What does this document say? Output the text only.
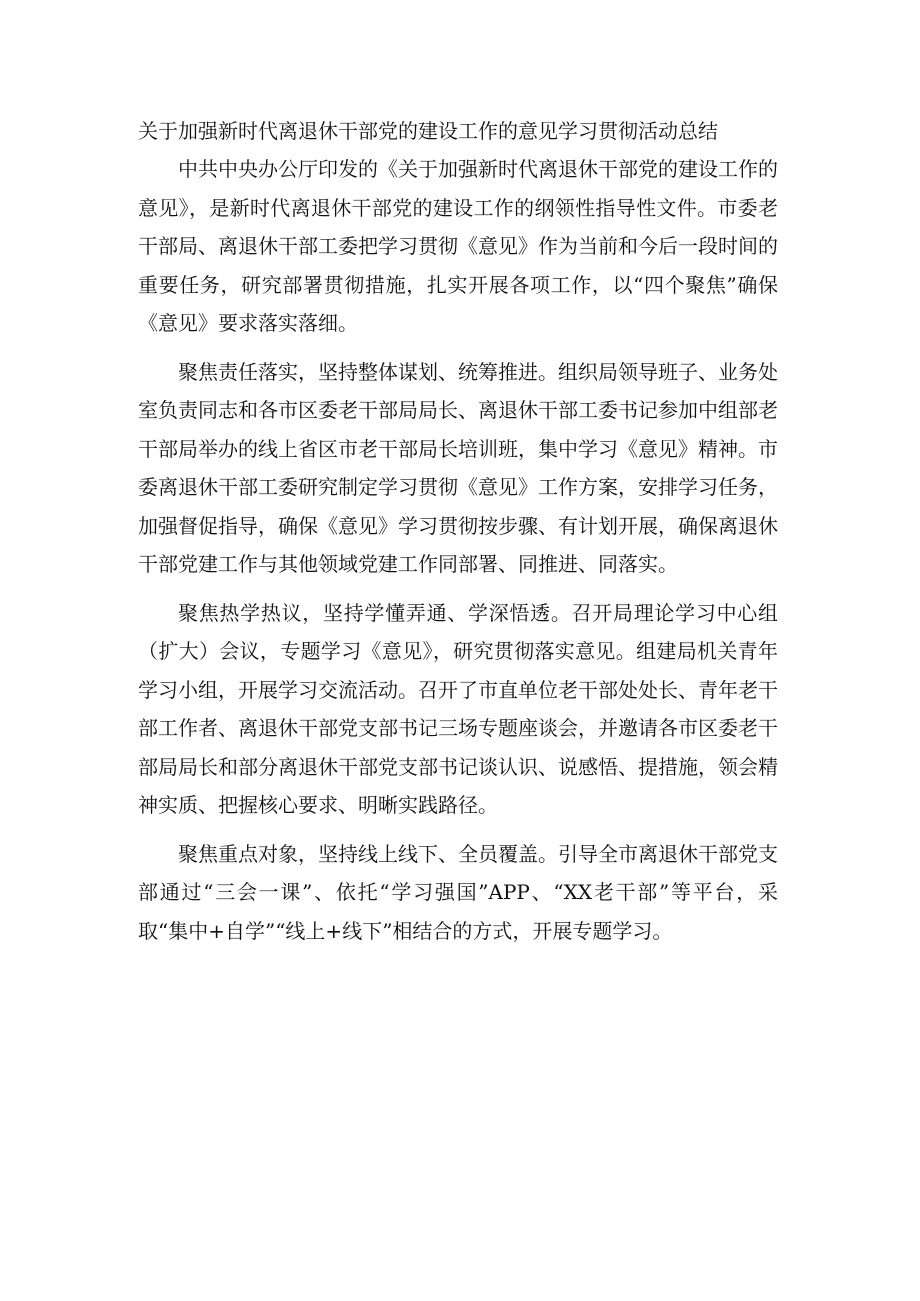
关于加强新时代离退休干部党的建设工作的意见学习贯彻活动总结

中共中央办公厅印发的《关于加强新时代离退休干部党的建设工作的意见》，是新时代离退休干部党的建设工作的纲领性指导性文件。市委老干部局、离退休干部工委把学习贯彻《意见》作为当前和今后一段时间的重要任务，研究部署贯彻措施，扎实开展各项工作，以“四个聚焦”确保《意见》要求落实落细。

聚焦责任落实，坚持整体谋划、统筹推进。组织局领导班子、业务处室负责同志和各市区委老干部局局长、离退休干部工委书记参加中组部老干部局举办的线上省区市老干部局长培训班，集中学习《意见》精神。市委离退休干部工委研究制定学习贯彻《意见》工作方案，安排学习任务，加强督促指导，确保《意见》学习贯彻按步骤、有计划开展，确保离退休干部党建工作与其他领域党建工作同部署、同推进、同落实。

聚焦热学热议，坚持学懂弄通、学深悟透。召开局理论学习中心组（扩大）会议，专题学习《意见》，研究贯彻落实意见。组建局机关青年学习小组，开展学习交流活动。召开了市直单位老干部处处长、青年老干部工作者、离退休干部党支部书记三场专题座谈会，并邀请各市区委老干部局局长和部分离退休干部党支部书记谈认识、说感悟、提措施，领会精神实质、把握核心要求、明晰实践路径。

聚焦重点对象，坚持线上线下、全员覆盖。引导全市离退休干部党支部通过“三会一课”、依托“学习强国”APP、“XX老干部”等平台，采取“集中+自学”“线上+线下”相结合的方式，开展专题学习。
